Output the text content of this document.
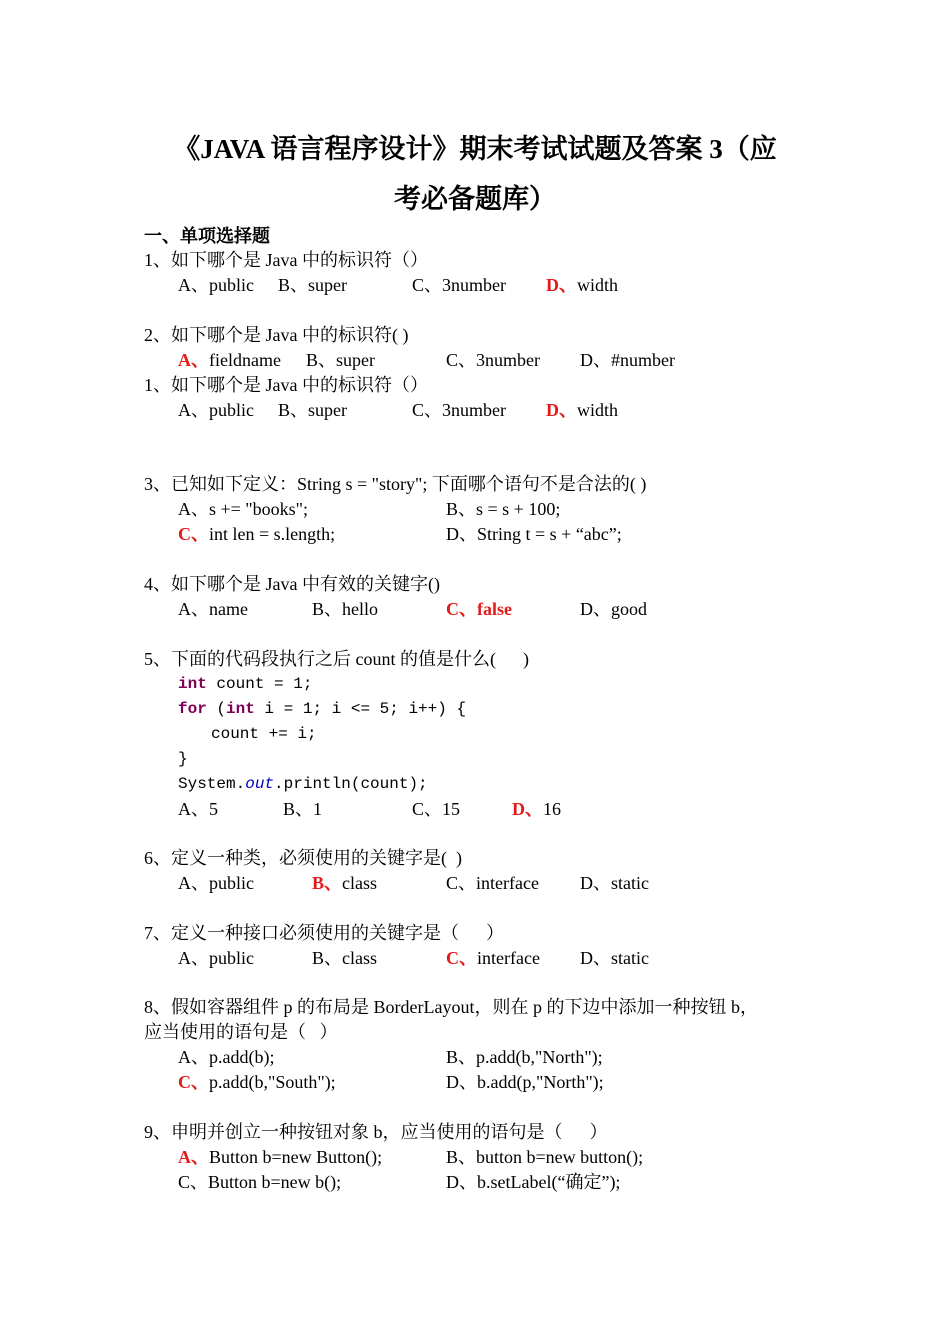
《JAVA 语言程序设计》期末考试试题及答案 3（应
考必备题库）
一、单项选择题
1、如下哪个是 Java 中的标识符（）
A、public B、super	C、3number D、width
2、如下哪个是 Java 中的标识符( )
A、fieldname B、super	C、3number D、#number
1、如下哪个是 Java 中的标识符（）
A、public B、super	C、3number D、width
3、已知如下定义：String s = "story"; 下面哪个语句不是合法的( )
A、s += "books";	B、s = s + 100;
C、int len = s.length;	D、String t = s + “abc”;
4、如下哪个是 Java 中有效的关键字()
A、name	B、hello	C、false	D、good
5、下面的代码段执行之后 count 的值是什么(      )
int count = 1;
for (int i = 1; i <= 5; i++) {
count += i;
}
System.out.println(count);
A、5	B、1	C、15	D、16
6、定义一种类，必须使用的关键字是(  )
A、public	B、class	C、interface D、static
7、定义一种接口必须使用的关键字是（      ）
A、public	B、class	C、interface D、static
8、假如容器组件 p 的布局是 BorderLayout，则在 p 的下边中添加一种按钮 b，
应当使用的语句是（   ）
A、p.add(b);	B、p.add(b,"North");
C、p.add(b,"South");	D、b.add(p,"North");
9、申明并创立一种按钮对象 b，应当使用的语句是（      ）
A、Button b=new Button();	B、button b=new button();
C、Button b=new b();	D、b.setLabel(“确定”);
